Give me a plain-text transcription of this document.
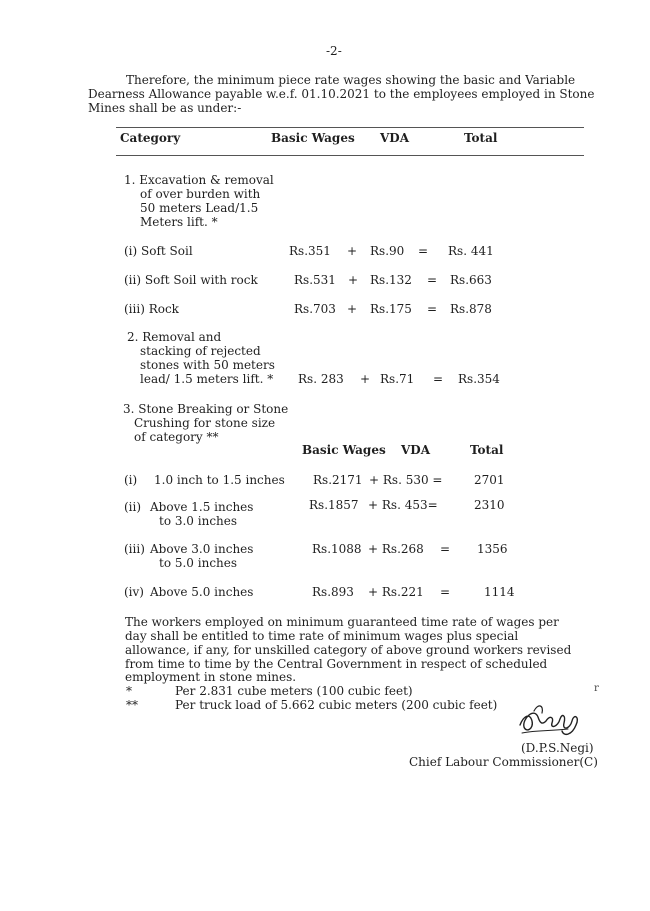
-2-
Therefore, the minimum piece rate wages showing the basic and Variable
Dearness Allowance payable w.e.f. 01.10.2021 to the employees employed in Stone
Mines shall be as under:-
Category	Basic Wages VDA	Total
1. Excavation & removal
of over burden with
50 meters Lead/1.5
Meters lift. *
(i) Soft Soil	Rs.351 + Rs.90 = Rs. 441
(ii) Soft Soil with rock	Rs.531 + Rs.132 = Rs.663
(iii) Rock	Rs.703 + Rs.175 = Rs.878
2. Removal and
stacking of rejected
stones with 50 meters
lead/ 1.5 meters lift. * Rs. 283 + Rs.71 = Rs.354
3. Stone Breaking or Stone
Crushing for stone size
of category **
Basic Wages VDA	Total
(i) 1.0 inch to 1.5 inches Rs.2171 + Rs. 530 =	2701
(ii) Above 1.5 inches
to 3.0 inches
Rs.1857 + Rs. 453=	2310
(iii) Above 3.0 inches
to 5.0 inches
Rs.1088 + Rs.268 = 1356
(iv) Above 5.0 inches	Rs.893 + Rs.221 =	1114
The workers employed on minimum guaranteed time rate of wages per
day shall be entitled to time rate of minimum wages plus special
allowance, if any, for unskilled category of above ground workers revised
from time to time by the Central Government in respect of scheduled
employment in stone mines.
*	Per 2.831 cube meters (100 cubic feet)
**	Per truck load of 5.662 cubic meters (200 cubic feet)
r
(D.P.S.Negi)
Chief Labour Commissioner(C)
